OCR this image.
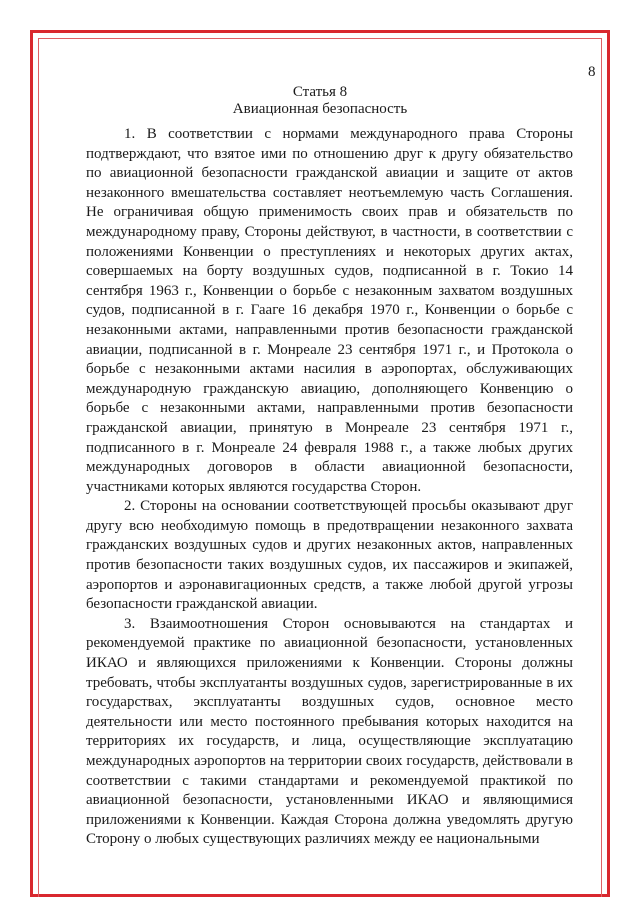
8
Статья 8
Авиационная безопасность

1. В соответствии с нормами международного права Стороны подтверждают, что взятое ими по отношению друг к другу обязательство по авиационной безопасности гражданской авиации и защите от актов незаконного вмешательства составляет неотъемлемую часть Соглашения. Не ограничивая общую применимость своих прав и обязательств по международному праву, Стороны действуют, в частности, в соответствии с положениями Конвенции о преступлениях и некоторых других актах, совершаемых на борту воздушных судов, подписанной в г. Токио 14 сентября 1963 г., Конвенции о борьбе с незаконным захватом воздушных судов, подписанной в г. Гааге 16 декабря 1970 г., Конвенции о борьбе с незаконными актами, направленными против безопасности гражданской авиации, подписанной в г. Монреале 23 сентября 1971 г., и Протокола о борьбе с незаконными актами насилия в аэропортах, обслуживающих международную гражданскую авиацию, дополняющего Конвенцию о борьбе с незаконными актами, направленными против безопасности гражданской авиации, принятую в Монреале 23 сентября 1971 г., подписанного в г. Монреале 24 февраля 1988 г., а также любых других международных договоров в области авиационной безопасности, участниками которых являются государства Сторон.

2. Стороны на основании соответствующей просьбы оказывают друг другу всю необходимую помощь в предотвращении незаконного захвата гражданских воздушных судов и других незаконных актов, направленных против безопасности таких воздушных судов, их пассажиров и экипажей, аэропортов и аэронавигационных средств, а также любой другой угрозы безопасности гражданской авиации.

3. Взаимоотношения Сторон основываются на стандартах и рекомендуемой практике по авиационной безопасности, установленных ИКАО и являющихся приложениями к Конвенции. Стороны должны требовать, чтобы эксплуатанты воздушных судов, зарегистрированные в их государствах, эксплуатанты воздушных судов, основное место деятельности или место постоянного пребывания которых находится на территориях их государств, и лица, осуществляющие эксплуатацию международных аэропортов на территории своих государств, действовали в соответствии с такими стандартами и рекомендуемой практикой по авиационной безопасности, установленными ИКАО и являющимися приложениями к Конвенции. Каждая Сторона должна уведомлять другую Сторону о любых существующих различиях между ее национальными
